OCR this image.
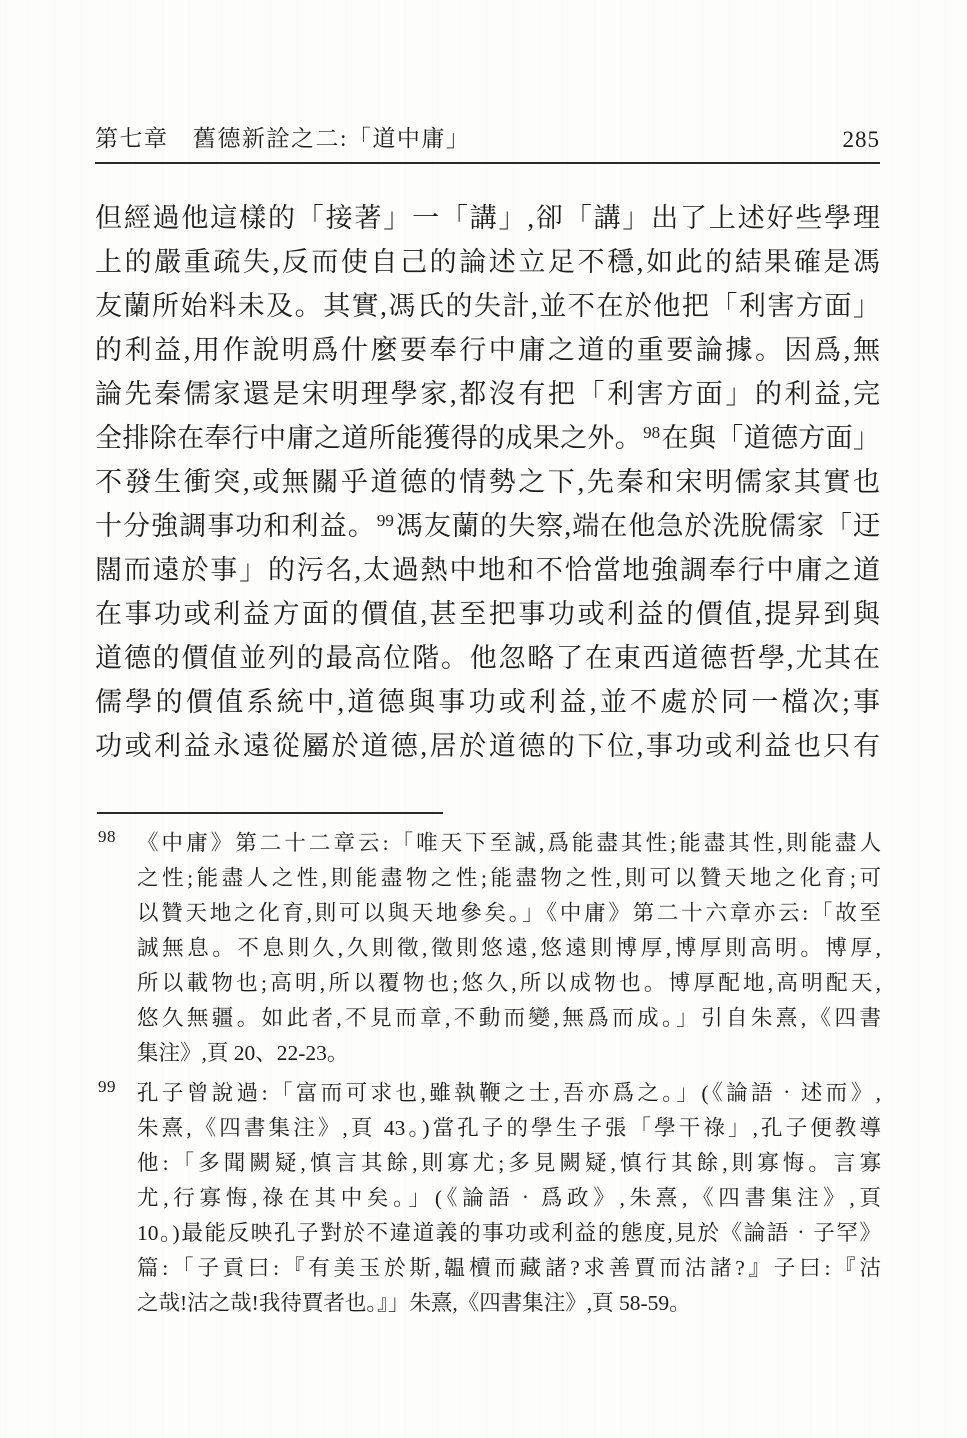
第七章　舊德新詮之二:「道中庸」	285
但經過他這樣的「接著」一「講」,卻「講」出了上述好些學理
上的嚴重疏失,反而使自己的論述立足不穩,如此的結果確是馮
友蘭所始料未及。其實,馮氏的失計,並不在於他把「利害方面」
的利益,用作說明爲什麼要奉行中庸之道的重要論據。因爲,無
論先秦儒家還是宋明理學家,都沒有把「利害方面」的利益,完
全排除在奉行中庸之道所能獲得的成果之外。$^{98}$在與「道德方面」
不發生衝突,或無關乎道德的情勢之下,先秦和宋明儒家其實也
十分強調事功和利益。$^{99}$馮友蘭的失察,端在他急於洗脫儒家「迂
闊而遠於事」的污名,太過熱中地和不恰當地強調奉行中庸之道
在事功或利益方面的價值,甚至把事功或利益的價值,提昇到與
道德的價值並列的最高位階。他忽略了在東西道德哲學,尤其在
儒學的價值系統中,道德與事功或利益,並不處於同一檔次;事
功或利益永遠從屬於道德,居於道德的下位,事功或利益也只有
98 《中庸》第二十二章云:「唯天下至誠,爲能盡其性;能盡其性,則能盡人
之性;能盡人之性,則能盡物之性;能盡物之性,則可以贊天地之化育;可
以贊天地之化育,則可以與天地參矣。」《中庸》第二十六章亦云:「故至
誠無息。不息則久,久則徵,徵則悠遠,悠遠則博厚,博厚則高明。博厚,
所以載物也;高明,所以覆物也;悠久,所以成物也。博厚配地,高明配天,
悠久無疆。如此者,不見而章,不動而變,無爲而成。」引自朱熹,《四書
集注》,頁 20、22-23。
99 孔子曾說過:「富而可求也,雖執鞭之士,吾亦爲之。」(《論語‧述而》,
朱熹,《四書集注》,頁 43。)當孔子的學生子張「學干祿」,孔子便教導
他:「多聞闕疑,慎言其餘,則寡尤;多見闕疑,慎行其餘,則寡悔。言寡
尤,行寡悔,祿在其中矣。」(《論語‧爲政》,朱熹,《四書集注》,頁
10。)最能反映孔子對於不違道義的事功或利益的態度,見於《論語‧子罕》
篇:「子貢曰:『有美玉於斯,韞櫝而藏諸?求善賈而沽諸?』子曰:『沽
之哉!沽之哉!我待賈者也。』」朱熹,《四書集注》,頁 58-59。
